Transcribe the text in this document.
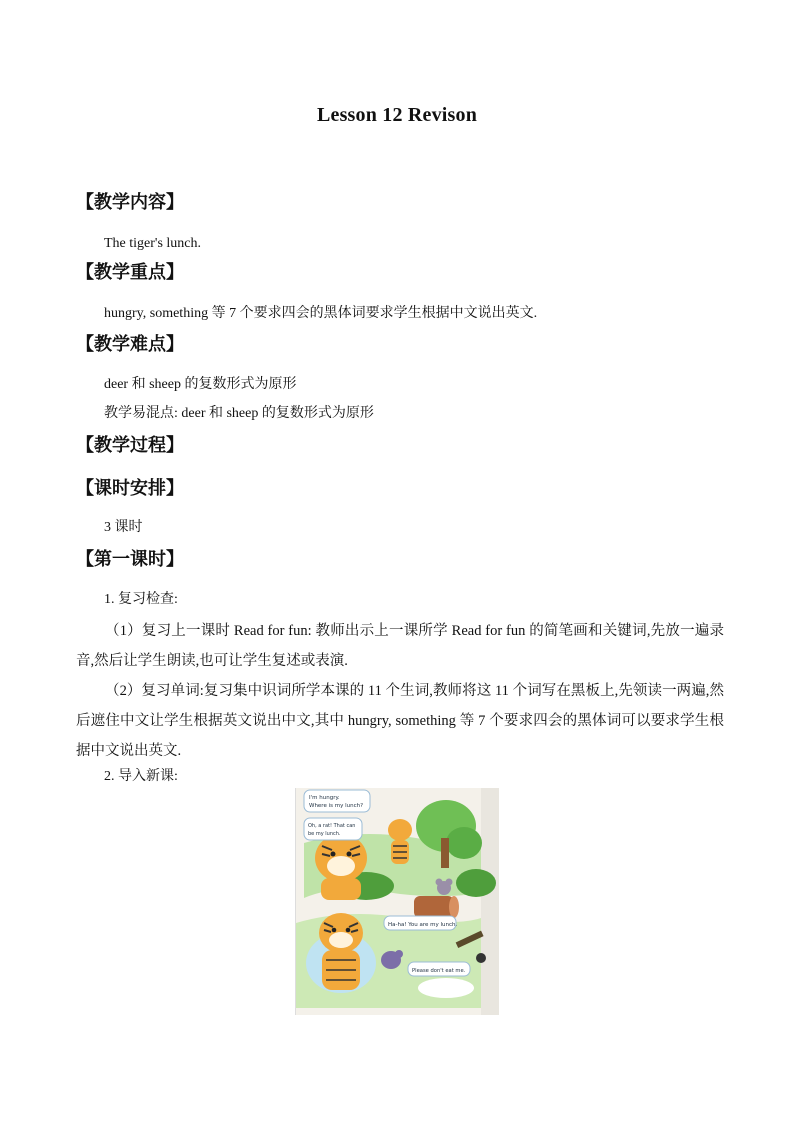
Lesson 12 Revison
【教学内容】
The tiger's lunch.
【教学重点】
hungry, something 等 7 个要求四会的黑体词要求学生根据中文说出英文.
【教学难点】
deer 和 sheep 的复数形式为原形
教学易混点: deer 和 sheep 的复数形式为原形
【教学过程】
【课时安排】
3 课时
【第一课时】
1. 复习检查:
（1）复习上一课时 Read for fun: 教师出示上一课所学 Read for fun 的简笔画和关键词,先放一遍录音,然后让学生朗读,也可让学生复述或表演.
（2）复习单词:复习集中识词所学本课的 11 个生词,教师将这 11 个词写在黑板上,先领读一两遍,然后遮住中文让学生根据英文说出中文,其中 hungry, something 等 7 个要求四会的黑体词可以要求学生根据中文说出英文.
2. 导入新课:
I'm hungry.
Where is my lunch?
Oh, a rat! That can
be my lunch.
Ha-ha! You are my lunch.
Please don't eat me.
